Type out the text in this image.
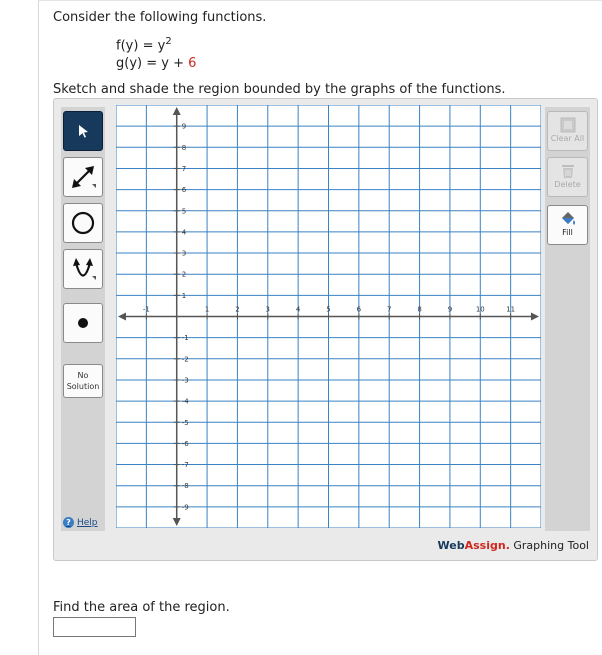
Consider the following functions.
$f(y) = y^2$
g(y) = y + 6
Sketch and shade the region bounded by the graphs of the functions.
No
Solution
? Help
-1	1	2	3	4	5	6	7	8	9	10	11
9
8
7
6
5
4
3
2
1
-1
-2
-3
-4
-5
-6
-7
-8
-9
Clear All
Delete
Fill
WebAssign. Graphing Tool
Find the area of the region.
